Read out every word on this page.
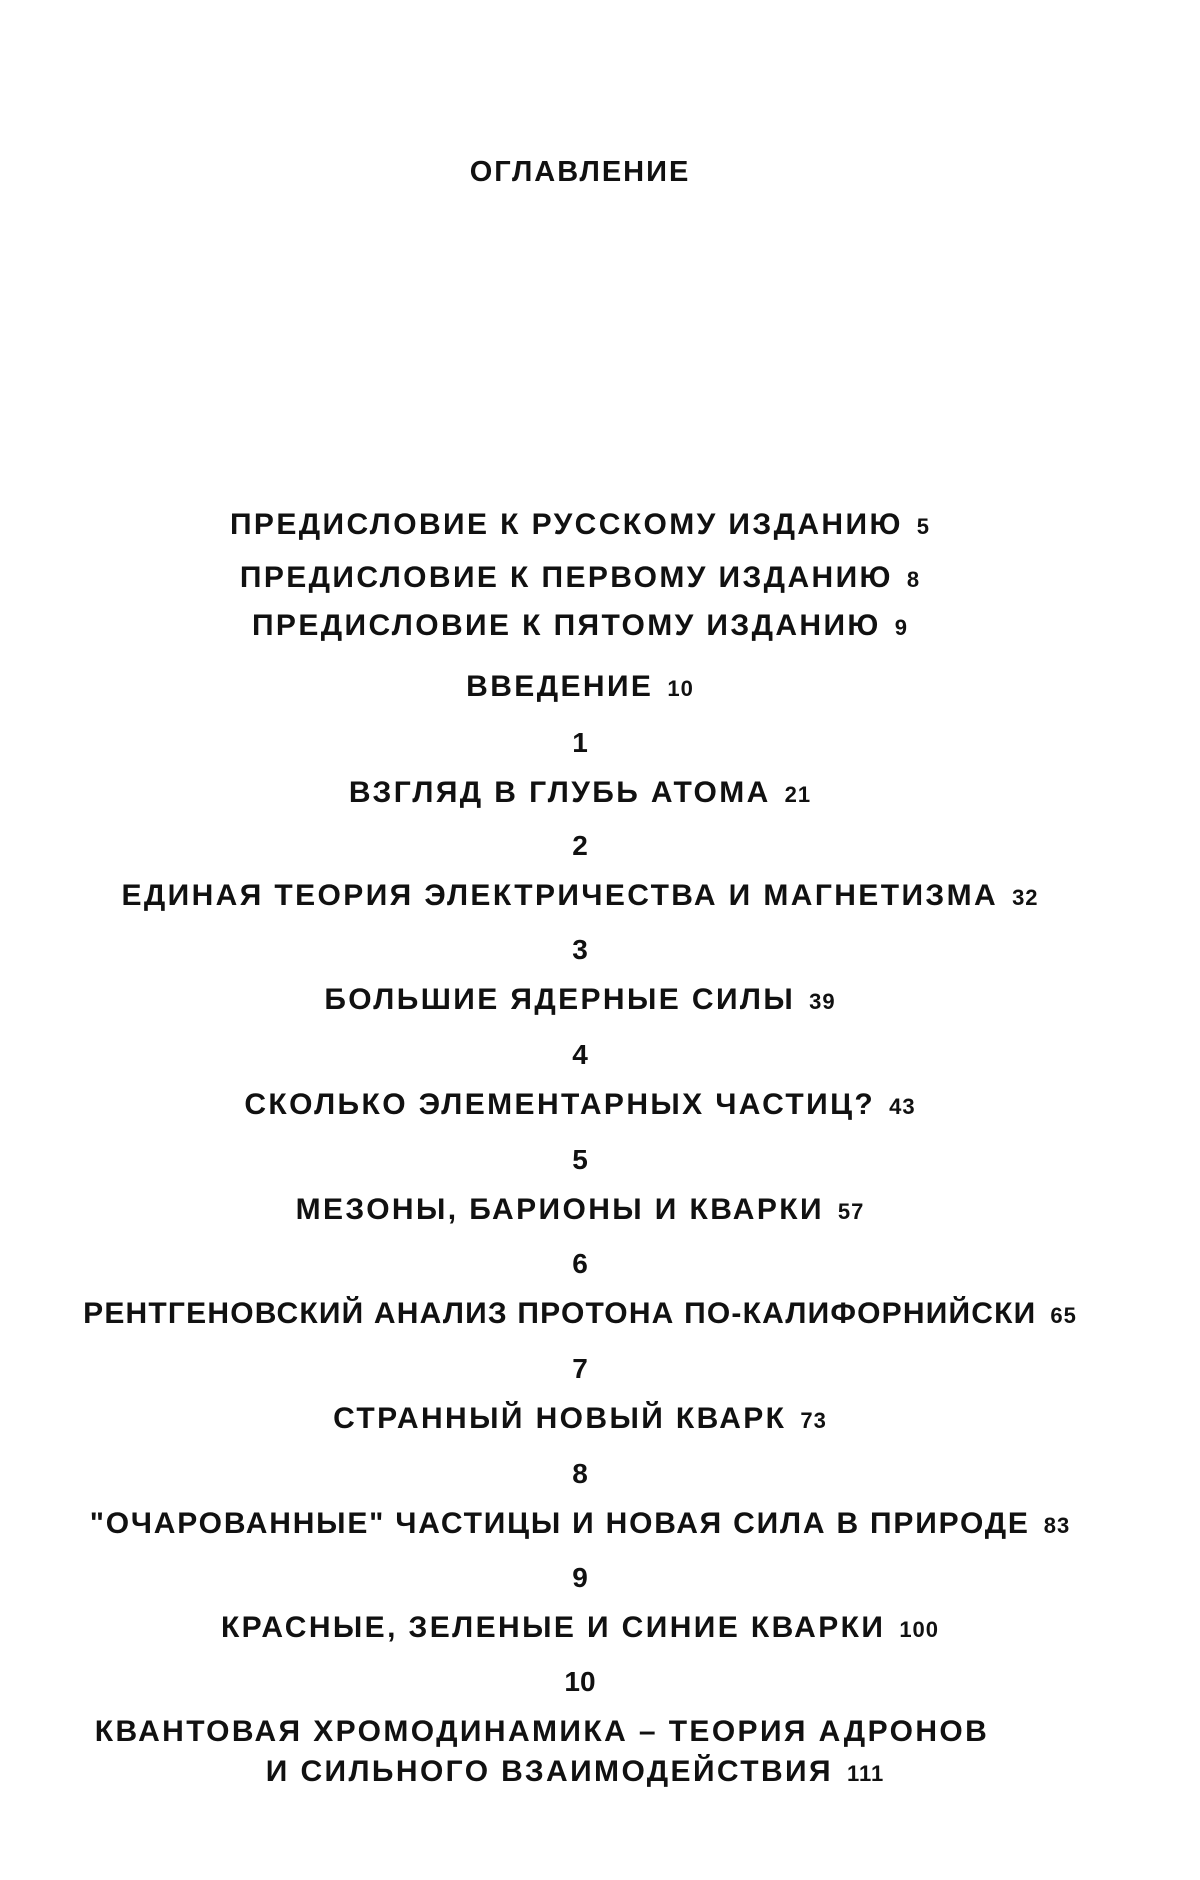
ОГЛАВЛЕНИЕ
ПРЕДИСЛОВИЕ К РУССКОМУ ИЗДАНИЮ 5
ПРЕДИСЛОВИЕ К ПЕРВОМУ ИЗДАНИЮ 8
ПРЕДИСЛОВИЕ К ПЯТОМУ ИЗДАНИЮ 9
ВВЕДЕНИЕ 10
1
ВЗГЛЯД В ГЛУБЬ АТОМА 21
2
ЕДИНАЯ ТЕОРИЯ ЭЛЕКТРИЧЕСТВА И МАГНЕТИЗМА 32
3
БОЛЬШИЕ ЯДЕРНЫЕ СИЛЫ 39
4
СКОЛЬКО ЭЛЕМЕНТАРНЫХ ЧАСТИЦ? 43
5
МЕЗОНЫ, БАРИОНЫ И КВАРКИ 57
6
РЕНТГЕНОВСКИЙ АНАЛИЗ ПРОТОНА ПО-КАЛИФОРНИЙСКИ 65
7
СТРАННЫЙ НОВЫЙ КВАРК 73
8
"ОЧАРОВАННЫЕ" ЧАСТИЦЫ И НОВАЯ СИЛА В ПРИРОДЕ 83
9
КРАСНЫЕ, ЗЕЛЕНЫЕ И СИНИЕ КВАРКИ 100
10
КВАНТОВАЯ ХРОМОДИНАМИКА – ТЕОРИЯ АДРОНОВ
И СИЛЬНОГО ВЗАИМОДЕЙСТВИЯ 111
